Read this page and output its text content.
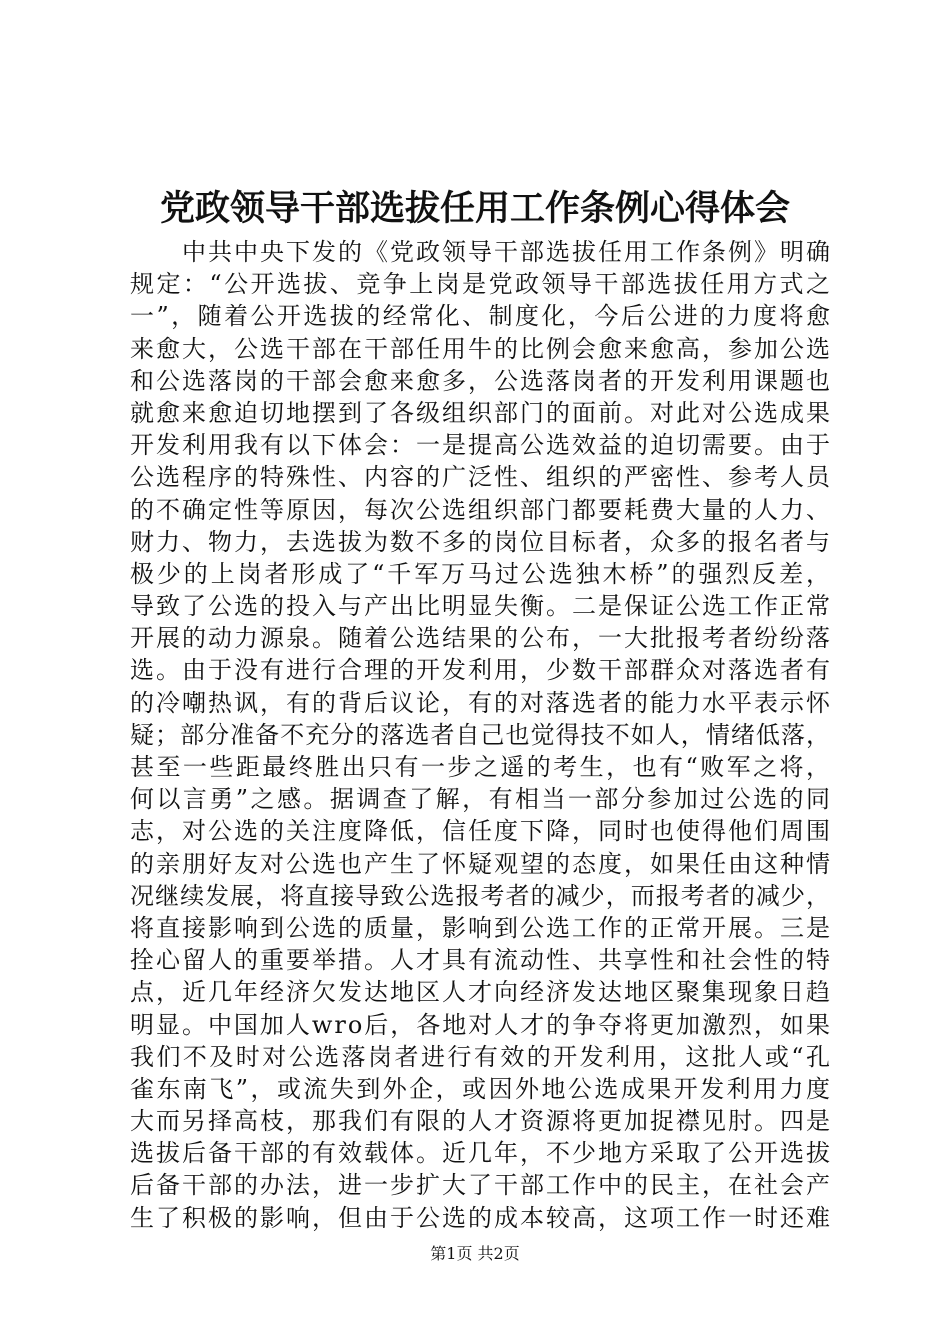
党政领导干部选拔任用工作条例心得体会
　　中共中央下发的《党政领导干部选拔任用工作条例》明确
规定：“公开选拔、竞争上岗是党政领导干部选拔任用方式之
一”，随着公开选拔的经常化、制度化，今后公进的力度将愈
来愈大，公选干部在干部任用牛的比例会愈来愈高，参加公选
和公选落岗的干部会愈来愈多，公选落岗者的开发利用课题也
就愈来愈迫切地摆到了各级组织部门的面前。对此对公选成果
开发利用我有以下体会：一是提高公选效益的迫切需要。由于
公选程序的特殊性、内容的广泛性、组织的严密性、参考人员
的不确定性等原因，每次公选组织部门都要耗费大量的人力、
财力、物力，去选拔为数不多的岗位目标者，众多的报名者与
极少的上岗者形成了“千军万马过公选独木桥”的强烈反差，
导致了公选的投入与产出比明显失衡。二是保证公选工作正常
开展的动力源泉。随着公选结果的公布，一大批报考者纷纷落
选。由于没有进行合理的开发利用，少数干部群众对落选者有
的冷嘲热讽，有的背后议论，有的对落选者的能力水平表示怀
疑；部分准备不充分的落选者自己也觉得技不如人，情绪低落，
甚至一些距最终胜出只有一步之遥的考生，也有“败军之将，
何以言勇”之感。据调查了解，有相当一部分参加过公选的同
志，对公选的关注度降低，信任度下降，同时也使得他们周围
的亲朋好友对公选也产生了怀疑观望的态度，如果任由这种情
况继续发展，将直接导致公选报考者的减少，而报考者的减少，
将直接影响到公选的质量，影响到公选工作的正常开展。三是
拴心留人的重要举措。人才具有流动性、共享性和社会性的特
点，近几年经济欠发达地区人才向经济发达地区聚集现象日趋
明显。中国加人wro后，各地对人才的争夺将更加激烈，如果
我们不及时对公选落岗者进行有效的开发利用，这批人或“孔
雀东南飞”，或流失到外企，或因外地公选成果开发利用力度
大而另择高枝，那我们有限的人才资源将更加捉襟见肘。四是
选拔后备干部的有效载体。近几年，不少地方采取了公开选拔
后备干部的办法，进一步扩大了干部工作中的民主，在社会产
生了积极的影响，但由于公选的成本较高，这项工作一时还难
第1页 共2页
